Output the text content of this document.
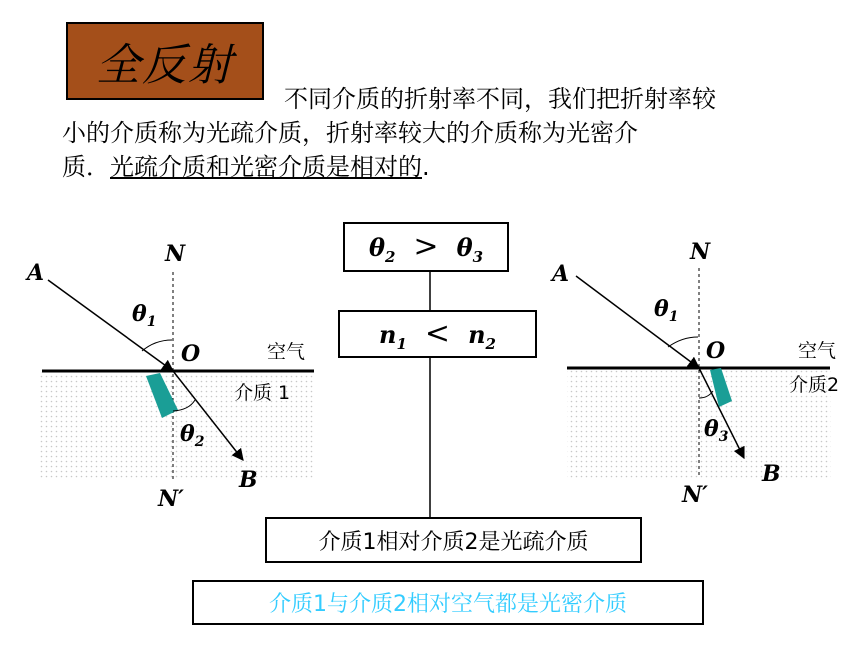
全反射
不同介质的折射率不同，我们把折射率较
小的介质称为光疏介质，折射率较大的介质称为光密介
质．光疏介质和光密介质是相对的.
A
N
N′
O
B
$\theta_1$
$\theta_2$
空气
介质 1
A
N
N′
O
B
$\theta_1$
$\theta_3$
空气
介质2
$\theta_2 > \theta_3$
$n_1 < n_2$
介质1相对介质2是光疏介质
介质1与介质2相对空气都是光密介质
